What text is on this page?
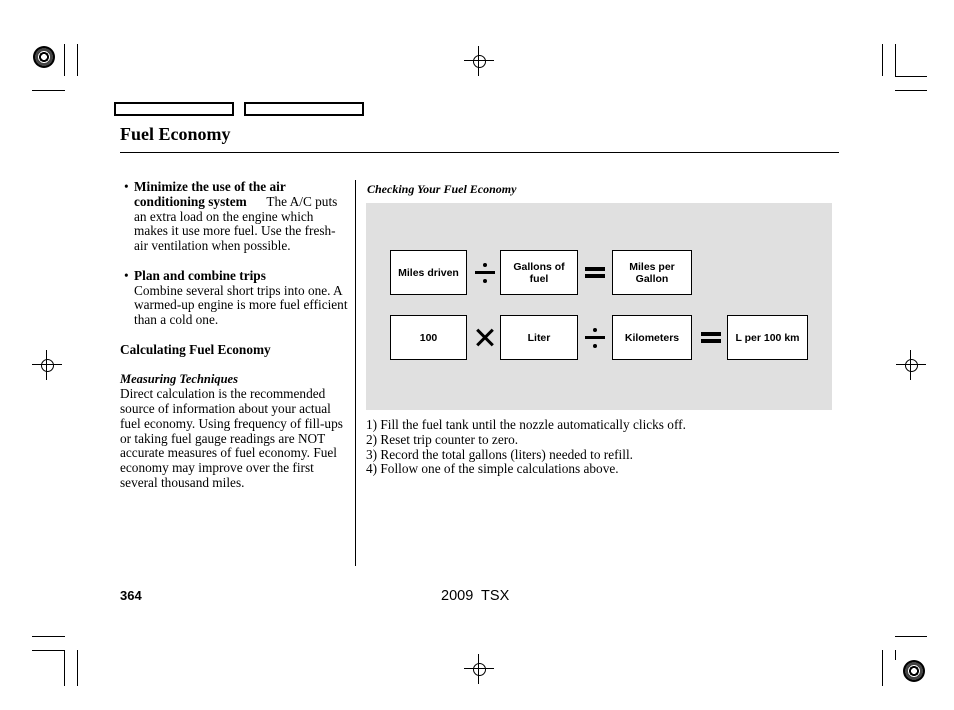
Fuel Economy

• Minimize the use of the air conditioning system The A/C puts an extra load on the engine which makes it use more fuel. Use the fresh-air ventilation when possible.

• Plan and combine trips
Combine several short trips into one. A warmed-up engine is more fuel efficient than a cold one.

Calculating Fuel Economy

Measuring Techniques

Direct calculation is the recommended source of information about your actual fuel economy. Using frequency of fill-ups or taking fuel gauge readings are NOT accurate measures of fuel economy. Fuel economy may improve over the first several thousand miles.

Checking Your Fuel Economy
Miles driven	Gallons of fuel
Miles per Gallon
100	Liter	Kilometers	L per 100 km
1) Fill the fuel tank until the nozzle automatically clicks off.
2) Reset trip counter to zero.
3) Record the total gallons (liters) needed to refill.
4) Follow one of the simple calculations above.
364	2009  TSX
